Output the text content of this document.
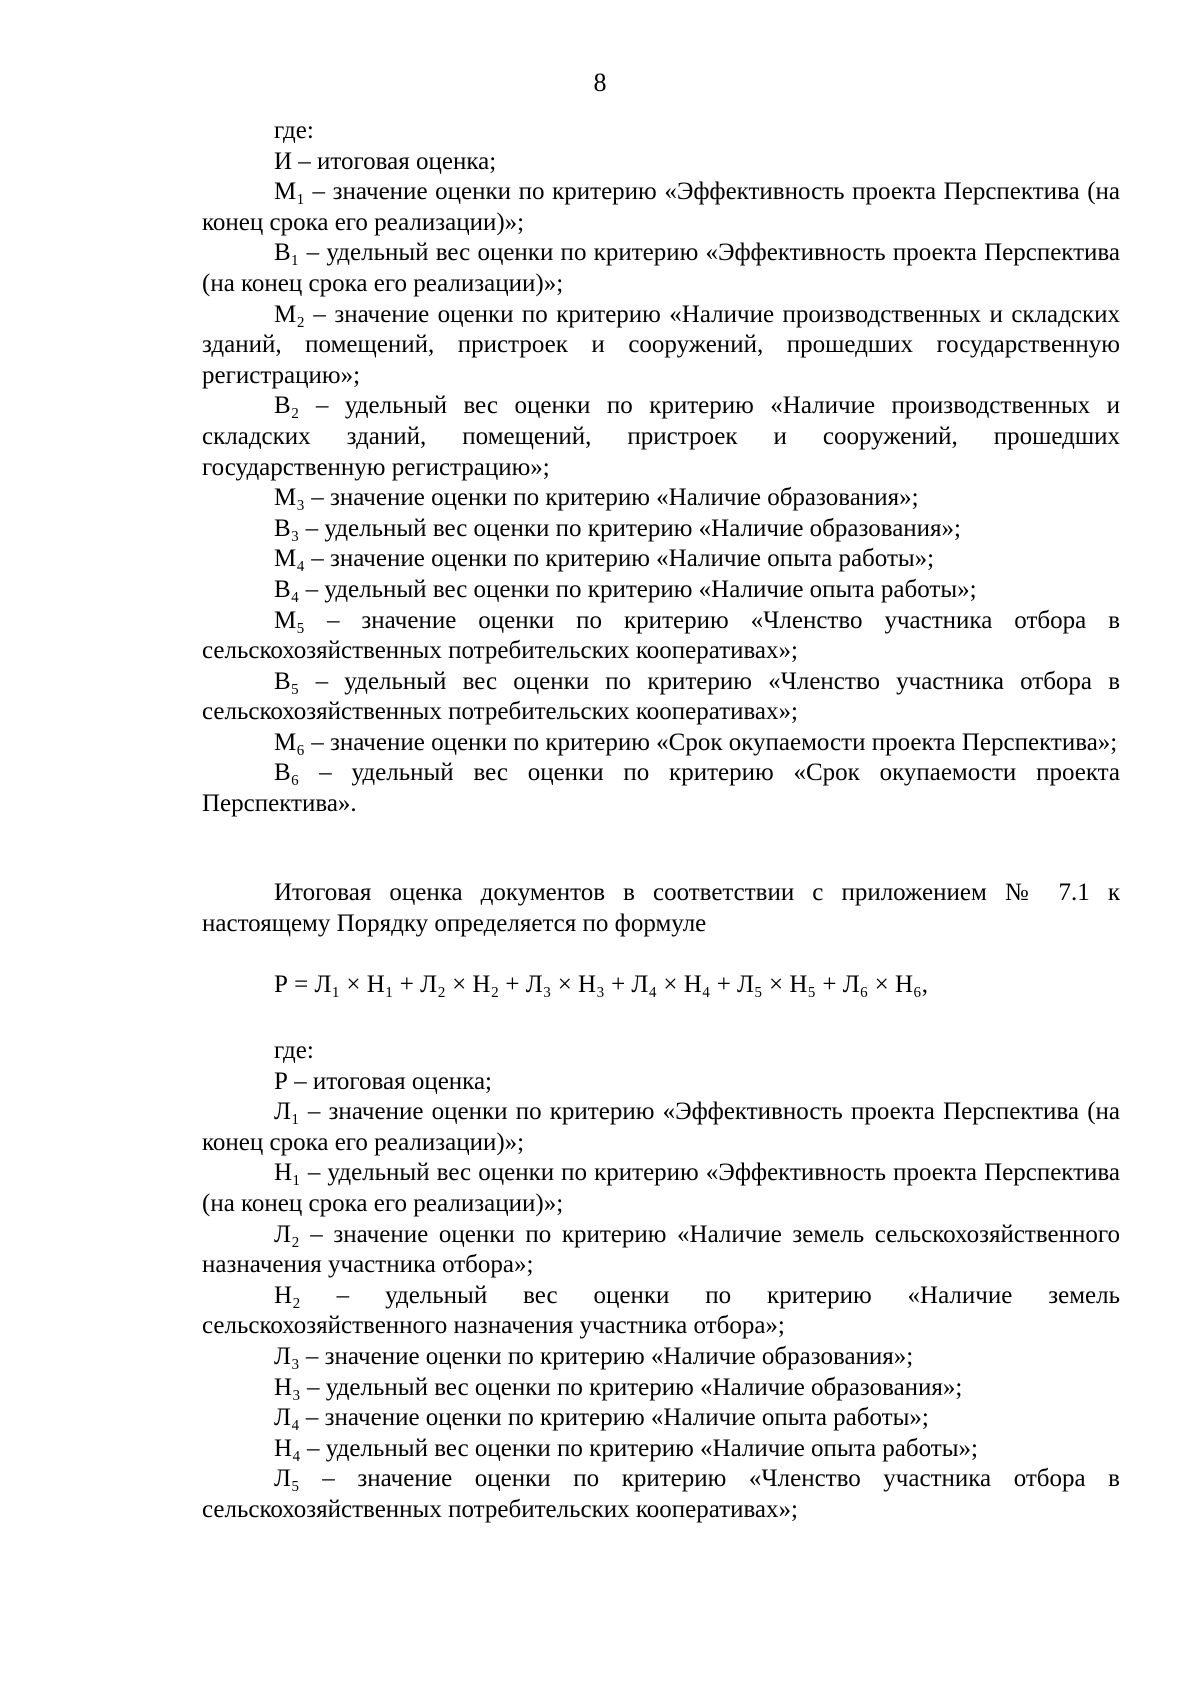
8

где:

И – итоговая оценка;

М₁ – значение оценки по критерию «Эффективность проекта Перспектива (на конец срока его реализации)»;

В₁ – удельный вес оценки по критерию «Эффективность проекта Перспектива (на конец срока его реализации)»;

М₂ – значение оценки по критерию «Наличие производственных и складских зданий, помещений, пристроек и сооружений, прошедших государственную регистрацию»;

В₂ – удельный вес оценки по критерию «Наличие производственных и складских зданий, помещений, пристроек и сооружений, прошедших государственную регистрацию»;

М₃ – значение оценки по критерию «Наличие образования»;

В₃ – удельный вес оценки по критерию «Наличие образования»;

М₄ – значение оценки по критерию «Наличие опыта работы»;

В₄ – удельный вес оценки по критерию «Наличие опыта работы»;

М₅ – значение оценки по критерию «Членство участника отбора в сельскохозяйственных потребительских кооперативах»;

В₅ – удельный вес оценки по критерию «Членство участника отбора в сельскохозяйственных потребительских кооперативах»;

М₆ – значение оценки по критерию «Срок окупаемости проекта Перспектива»;

В₆ – удельный вес оценки по критерию «Срок окупаемости проекта Перспектива».

Итоговая оценка документов в соответствии с приложением № 7.1 к настоящему Порядку определяется по формуле

Р = Л₁ × Н₁ + Л₂ × Н₂ + Л₃ × Н₃ + Л₄ × Н₄ + Л₅ × Н₅ + Л₆ × Н₆,

где:

Р – итоговая оценка;

Л₁ – значение оценки по критерию «Эффективность проекта Перспектива (на конец срока его реализации)»;

Н₁ – удельный вес оценки по критерию «Эффективность проекта Перспектива (на конец срока его реализации)»;

Л₂ – значение оценки по критерию «Наличие земель сельскохозяйственного назначения участника отбора»;

Н₂ – удельный вес оценки по критерию «Наличие земель сельскохозяйственного назначения участника отбора»;

Л₃ – значение оценки по критерию «Наличие образования»;

Н₃ – удельный вес оценки по критерию «Наличие образования»;

Л₄ – значение оценки по критерию «Наличие опыта работы»;

Н₄ – удельный вес оценки по критерию «Наличие опыта работы»;

Л₅ – значение оценки по критерию «Членство участника отбора в сельскохозяйственных потребительских кооперативах»;
